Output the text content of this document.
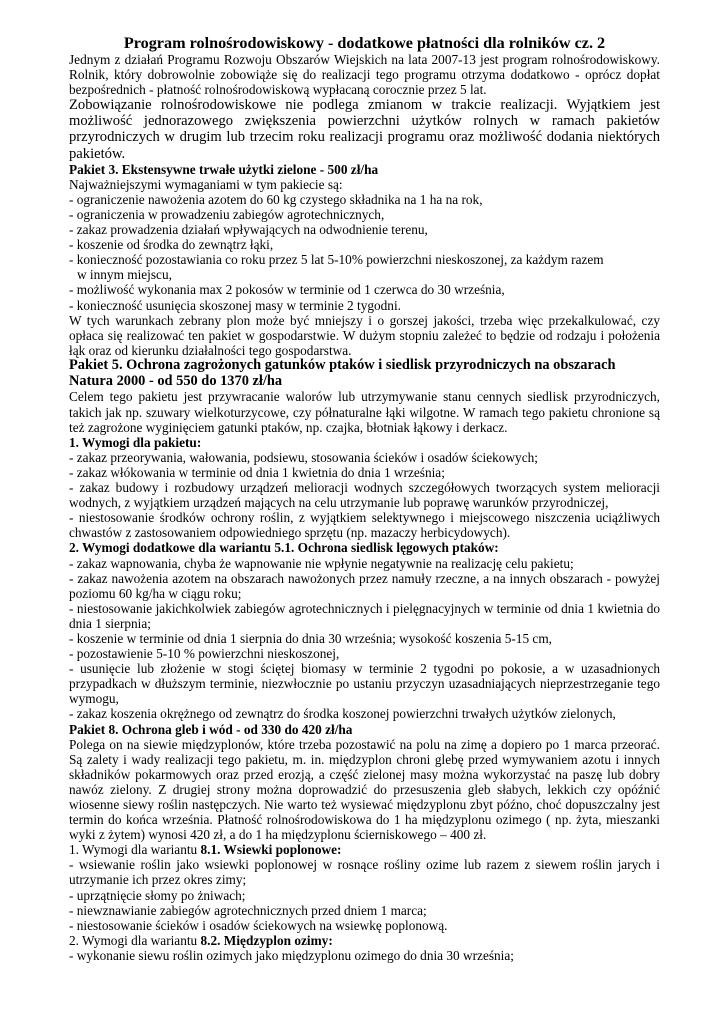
Program rolnośrodowiskowy - dodatkowe płatności dla rolników cz. 2

Jednym z działań Programu Rozwoju Obszarów Wiejskich na lata 2007-13 jest program rolnośrodowiskowy. Rolnik, który dobrowolnie zobowiąże się do realizacji tego programu otrzyma dodatkowo - oprócz dopłat bezpośrednich - płatność rolnośrodowiskową wypłacaną corocznie przez 5 lat.

Zobowiązanie rolnośrodowiskowe nie podlega zmianom w trakcie realizacji. Wyjątkiem jest możliwość jednorazowego zwiększenia powierzchni użytków rolnych w ramach pakietów przyrodniczych w drugim lub trzecim roku realizacji programu oraz możliwość dodania niektórych pakietów.

Pakiet 3. Ekstensywne trwałe użytki zielone - 500 zł/ha

Najważniejszymi wymaganiami w tym pakiecie są:

- ograniczenie nawożenia azotem do 60 kg czystego składnika na 1 ha na rok,

- ograniczenia w prowadzeniu zabiegów agrotechnicznych,

- zakaz prowadzenia działań wpływających na odwodnienie terenu,

- koszenie od środka do zewnątrz łąki,

- konieczność pozostawiania co roku przez 5 lat 5-10% powierzchni nieskoszonej, za każdym razem

w innym miejscu,

- możliwość wykonania max 2 pokosów w terminie od 1 czerwca do 30 września,

- konieczność usunięcia skoszonej masy w terminie 2 tygodni.

W tych warunkach zebrany plon może być mniejszy i o gorszej jakości, trzeba więc przekalkulować, czy opłaca się realizować ten pakiet w gospodarstwie. W dużym stopniu zależeć to będzie od rodzaju i położenia łąk oraz od kierunku działalności tego gospodarstwa.

Pakiet 5. Ochrona zagrożonych gatunków ptaków i siedlisk przyrodniczych na obszarach Natura 2000 - od 550 do 1370 zł/ha

Celem tego pakietu jest przywracanie walorów lub utrzymywanie stanu cennych siedlisk przyrodniczych, takich jak np. szuwary wielkoturzycowe, czy półnaturalne łąki wilgotne. W ramach tego pakietu chronione są też zagrożone wyginięciem gatunki ptaków, np. czajka, błotniak łąkowy i derkacz.

1. Wymogi dla pakietu:

- zakaz przeorywania, wałowania, podsiewu, stosowania ścieków i osadów ściekowych;

- zakaz włókowania w terminie od dnia 1 kwietnia do dnia 1 września;

- zakaz budowy i rozbudowy urządzeń melioracji wodnych szczegółowych tworzących system melioracji wodnych, z wyjątkiem urządzeń mających na celu utrzymanie lub poprawę warunków przyrodniczej,

- niestosowanie środków ochrony roślin, z wyjątkiem selektywnego i miejscowego niszczenia uciążliwych chwastów z zastosowaniem odpowiedniego sprzętu (np. mazaczy herbicydowych).

2. Wymogi dodatkowe dla wariantu 5.1. Ochrona siedlisk lęgowych ptaków:

- zakaz wapnowania, chyba że wapnowanie nie wpłynie negatywnie na realizację celu pakietu;

- zakaz nawożenia azotem na obszarach nawożonych przez namuły rzeczne, a na innych obszarach - powyżej poziomu 60 kg/ha w ciągu roku;

- niestosowanie jakichkolwiek zabiegów agrotechnicznych i pielęgnacyjnych w terminie od dnia 1 kwietnia do dnia 1 sierpnia;

- koszenie w terminie od dnia 1 sierpnia do dnia 30 września; wysokość koszenia 5-15 cm,

- pozostawienie 5-10 % powierzchni nieskoszonej,

- usunięcie lub złożenie w stogi ściętej biomasy w terminie 2 tygodni po pokosie, a w uzasadnionych przypadkach w dłuższym terminie, niezwłocznie po ustaniu przyczyn uzasadniających nieprzestrzeganie tego wymogu,

- zakaz koszenia okrężnego od zewnątrz do środka koszonej powierzchni trwałych użytków zielonych,

Pakiet 8. Ochrona gleb i wód - od 330 do 420 zł/ha

Polega on na siewie międzyplonów, które trzeba pozostawić na polu na zimę a dopiero po 1 marca przeorać. Są zalety i wady realizacji tego pakietu, m. in. międzyplon chroni glebę przed wymywaniem azotu i innych składników pokarmowych oraz przed erozją, a część zielonej masy można wykorzystać na paszę lub dobry nawóz zielony. Z drugiej strony można doprowadzić do przesuszenia gleb słabych, lekkich czy opóźnić wiosenne siewy roślin następczych. Nie warto też wysiewać międzyplonu zbyt późno, choć dopuszczalny jest termin do końca września. Płatność rolnośrodowiskowa do 1 ha międzyplonu ozimego ( np. żyta, mieszanki wyki z żytem) wynosi 420 zł, a do 1 ha międzyplonu ścierniskowego – 400 zł.

1. Wymogi dla wariantu 8.1. Wsiewki poplonowe:

- wsiewanie roślin jako wsiewki poplonowej w rosnące rośliny ozime lub razem z siewem roślin jarych i utrzymanie ich przez okres zimy;

- uprzątnięcie słomy po żniwach;

- niewznawianie zabiegów agrotechnicznych przed dniem 1 marca;

- niestosowanie ścieków i osadów ściekowych na wsiewkę poplonową.

2. Wymogi dla wariantu 8.2. Międzyplon ozimy:

- wykonanie siewu roślin ozimych jako międzyplonu ozimego do dnia 30 września;
